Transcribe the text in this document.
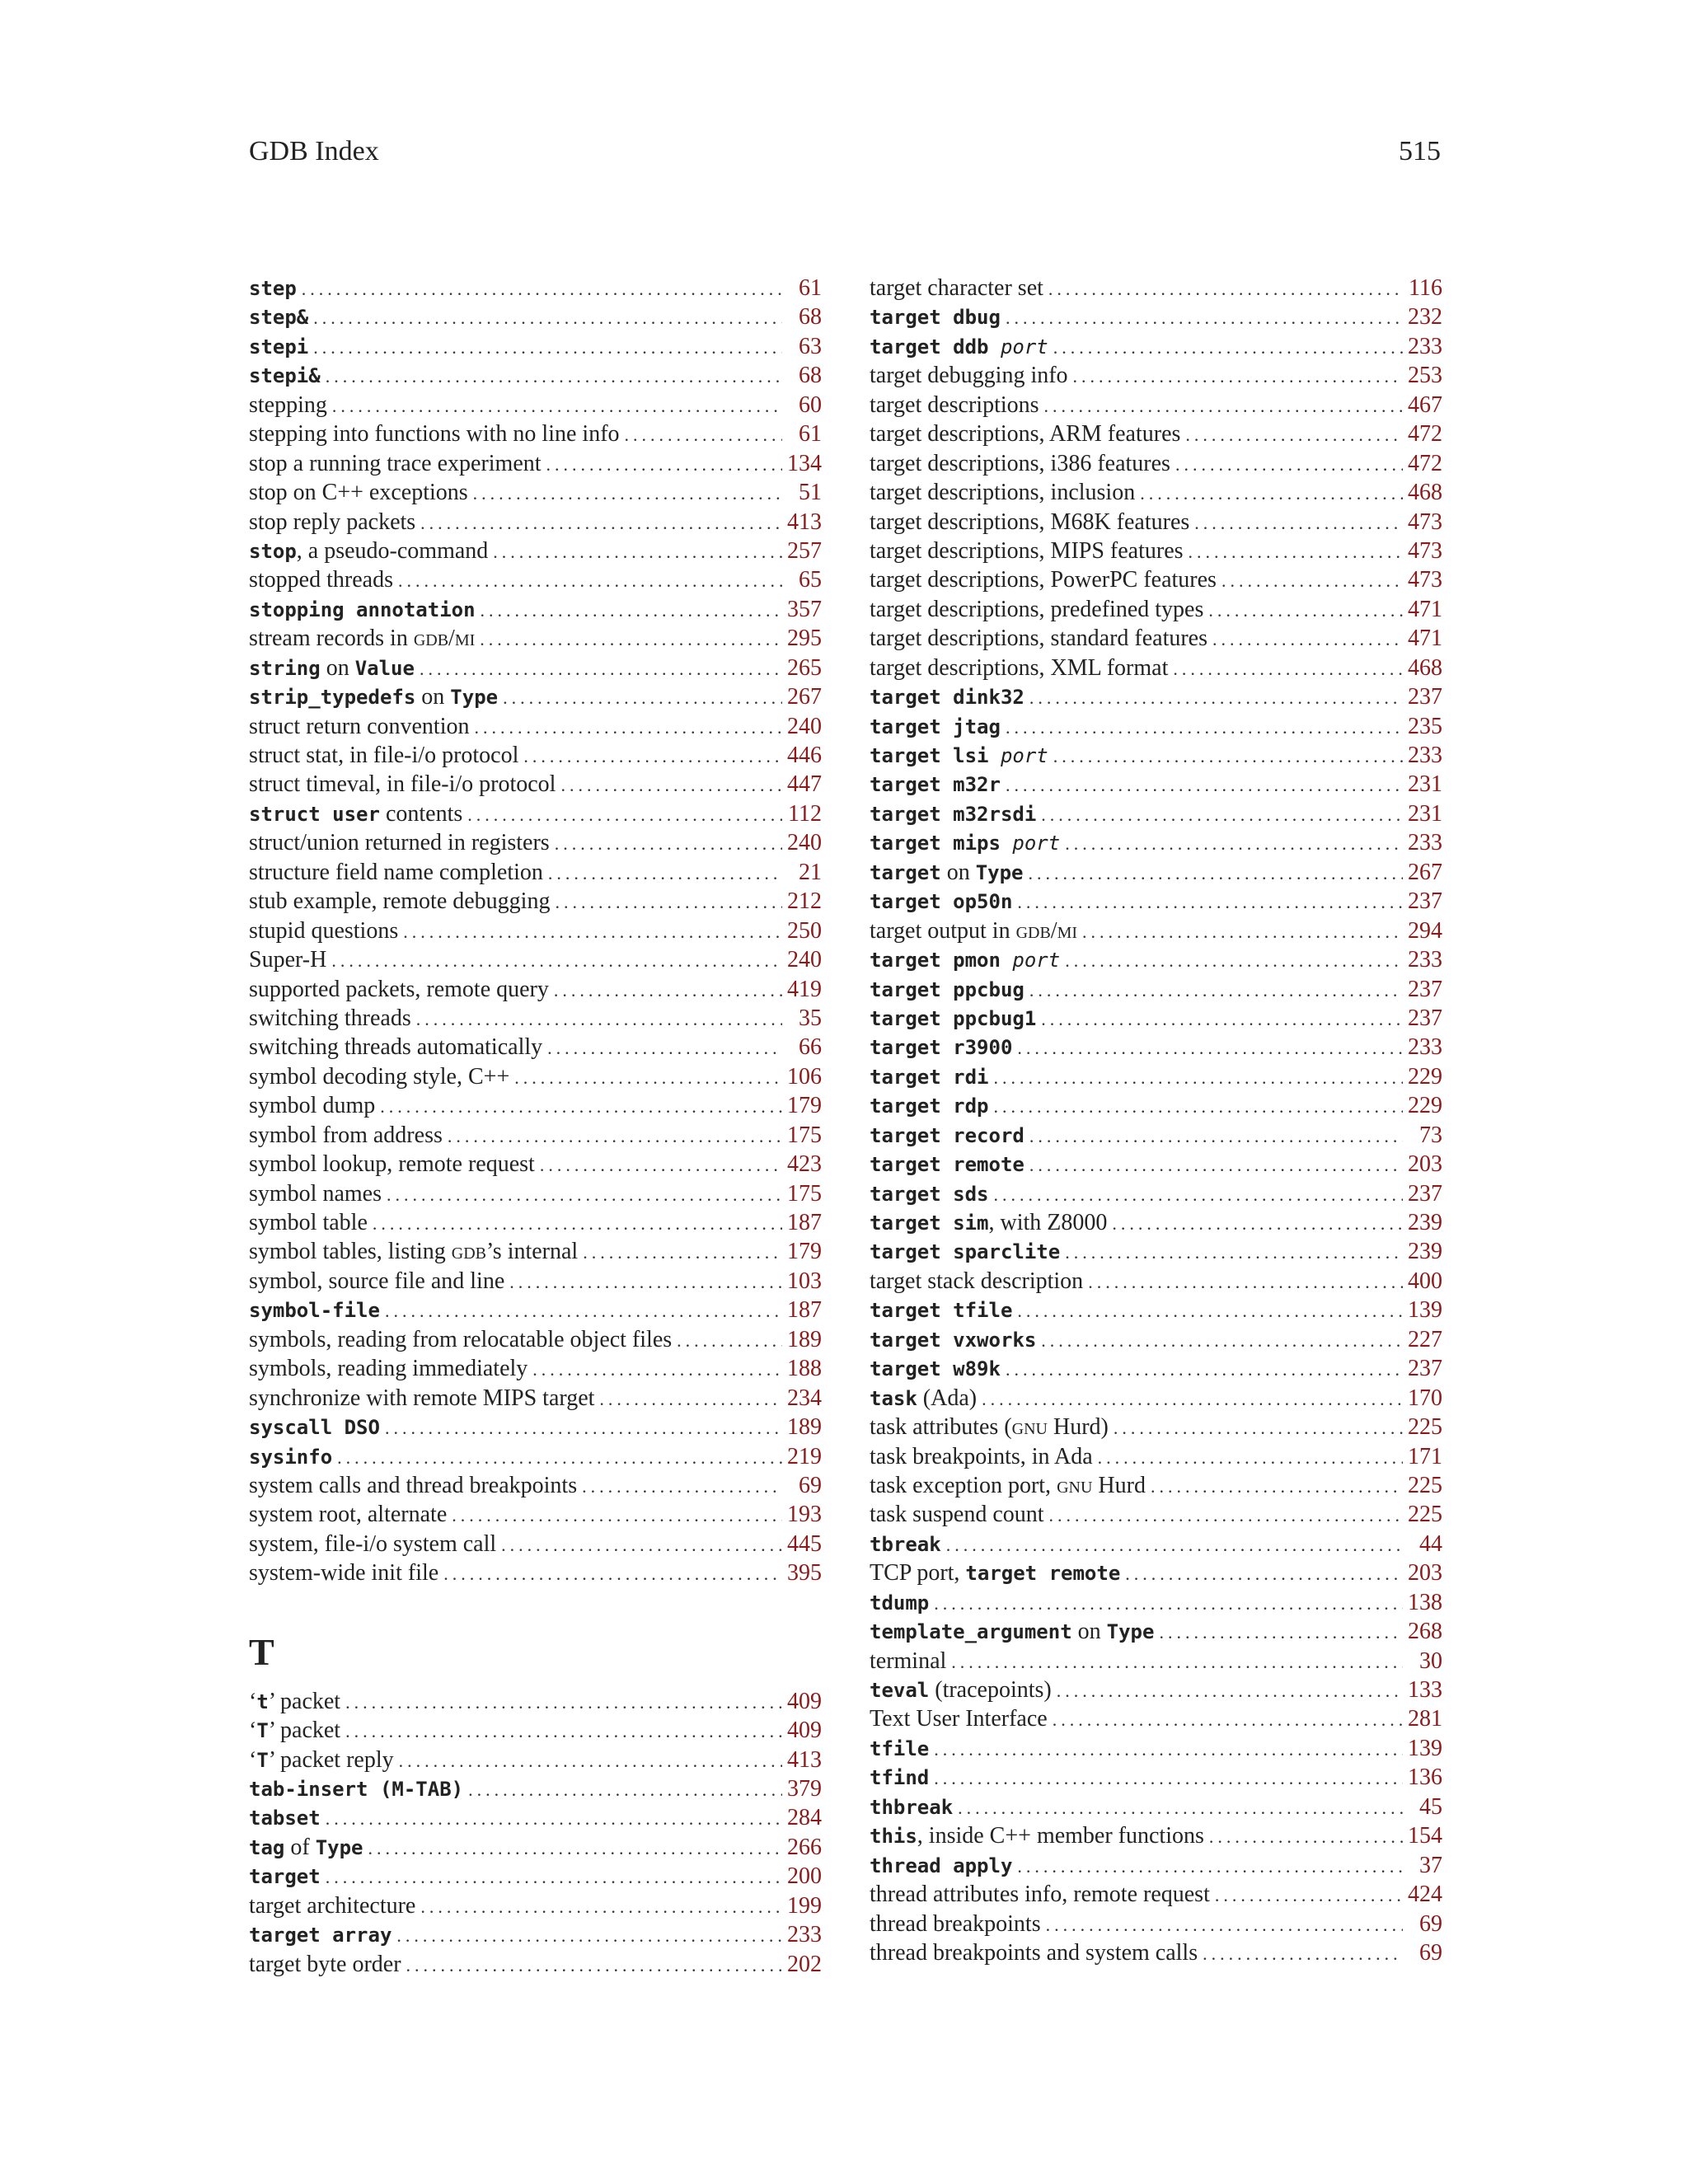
GDB Index	515
step .....	61
step& .....	68
stepi .....	63
stepi& .....	68
stepping .....	60
stepping into functions with no line info .....	61
stop a running trace experiment .....	134
stop on C++ exceptions .....	51
stop reply packets .....	413
stop, a pseudo-command .....	257
stopped threads .....	65
stopping annotation .....	357
stream records in gdb/mi .....	295
string on Value .....	265
strip_typedefs on Type .....	267
struct return convention .....	240
struct stat, in file-i/o protocol .....	446
struct timeval, in file-i/o protocol .....	447
struct user contents .....	112
struct/union returned in registers .....	240
structure field name completion .....	21
stub example, remote debugging .....	212
stupid questions .....	250
Super-H .....	240
supported packets, remote query .....	419
switching threads .....	35
switching threads automatically .....	66
symbol decoding style, C++ .....	106
symbol dump .....	179
symbol from address .....	175
symbol lookup, remote request .....	423
symbol names .....	175
symbol table .....	187
symbol tables, listing gdb’s internal .....	179
symbol, source file and line .....	103
symbol-file .....	187
symbols, reading from relocatable object files .....	189
symbols, reading immediately .....	188
synchronize with remote MIPS target .....	234
syscall DSO .....	189
sysinfo .....	219
system calls and thread breakpoints .....	69
system root, alternate .....	193
system, file-i/o system call .....	445
system-wide init file .....	395
T
‘t’ packet .....	409
‘T’ packet .....	409
‘T’ packet reply .....	413
tab-insert (M-TAB) .....	379
tabset .....	284
tag of Type .....	266
target .....	200
target architecture .....	199
target array .....	233
target byte order .....	202
target character set .....	116
target dbug .....	232
target ddb port .....	233
target debugging info .....	253
target descriptions .....	467
target descriptions, ARM features .....	472
target descriptions, i386 features .....	472
target descriptions, inclusion .....	468
target descriptions, M68K features .....	473
target descriptions, MIPS features .....	473
target descriptions, PowerPC features .....	473
target descriptions, predefined types .....	471
target descriptions, standard features .....	471
target descriptions, XML format .....	468
target dink32 .....	237
target jtag .....	235
target lsi port .....	233
target m32r .....	231
target m32rsdi .....	231
target mips port .....	233
target on Type .....	267
target op50n .....	237
target output in gdb/mi .....	294
target pmon port .....	233
target ppcbug .....	237
target ppcbug1 .....	237
target r3900 .....	233
target rdi .....	229
target rdp .....	229
target record .....	73
target remote .....	203
target sds .....	237
target sim, with Z8000 .....	239
target sparclite .....	239
target stack description .....	400
target tfile .....	139
target vxworks .....	227
target w89k .....	237
task (Ada) .....	170
task attributes (gnu Hurd) .....	225
task breakpoints, in Ada .....	171
task exception port, gnu Hurd .....	225
task suspend count .....	225
tbreak .....	44
TCP port, target remote .....	203
tdump .....	138
template_argument on Type .....	268
terminal .....	30
teval (tracepoints) .....	133
Text User Interface .....	281
tfile .....	139
tfind .....	136
thbreak .....	45
this, inside C++ member functions .....	154
thread apply .....	37
thread attributes info, remote request .....	424
thread breakpoints .....	69
thread breakpoints and system calls .....	69
